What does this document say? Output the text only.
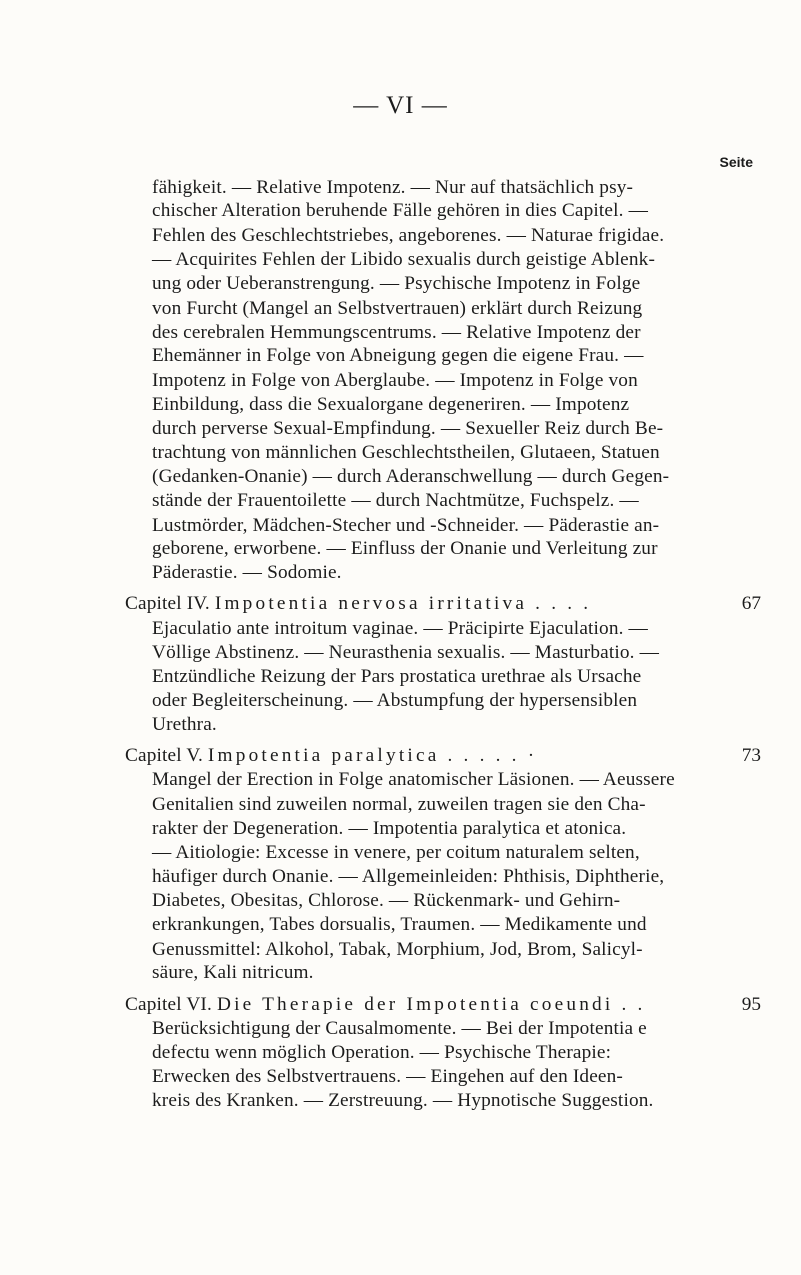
— VI —
Seite
fähigkeit. — Relative Impotenz. — Nur auf thatsächlich psy-
chischer Alteration beruhende Fälle gehören in dies Capitel. —
Fehlen des Geschlechtstriebes, angeborenes. — Naturae frigidae.
— Acquirites Fehlen der Libido sexualis durch geistige Ablenk-
ung oder Ueberanstrengung. — Psychische Impotenz in Folge
von Furcht (Mangel an Selbstvertrauen) erklärt durch Reizung
des cerebralen Hemmungscentrums. — Relative Impotenz der
Ehemänner in Folge von Abneigung gegen die eigene Frau. —
Impotenz in Folge von Aberglaube. — Impotenz in Folge von
Einbildung, dass die Sexualorgane degeneriren. — Impotenz
durch perverse Sexual-Empfindung. — Sexueller Reiz durch Be-
trachtung von männlichen Geschlechtstheilen, Glutaeen, Statuen
(Gedanken-Onanie) — durch Aderanschwellung — durch Gegen-
stände der Frauentoilette — durch Nachtmütze, Fuchspelz. —
Lustmörder, Mädchen-Stecher und -Schneider. — Päderastie an-
geborene, erworbene. — Einfluss der Onanie und Verleitung zur
Päderastie. — Sodomie.
Capitel IV. Impotentia nervosa irritativa . . . .	67
Ejaculatio ante introitum vaginae. — Präcipirte Ejaculation. —
Völlige Abstinenz. — Neurasthenia sexualis. — Masturbatio. —
Entzündliche Reizung der Pars prostatica urethrae als Ursache
oder Begleiterscheinung. — Abstumpfung der hypersensiblen
Urethra.
Capitel V. Impotentia paralytica . . . . . ·	73
Mangel der Erection in Folge anatomischer Läsionen. — Aeussere
Genitalien sind zuweilen normal, zuweilen tragen sie den Cha-
rakter der Degeneration. — Impotentia paralytica et atonica.
— Aitiologie: Excesse in venere, per coitum naturalem selten,
häufiger durch Onanie. — Allgemeinleiden: Phthisis, Diphtherie,
Diabetes, Obesitas, Chlorose. — Rückenmark- und Gehirn-
erkrankungen, Tabes dorsualis, Traumen. — Medikamente und
Genussmittel: Alkohol, Tabak, Morphium, Jod, Brom, Salicyl-
säure, Kali nitricum.
Capitel VI. Die Therapie der Impotentia coeundi . .	95
Berücksichtigung der Causalmomente. — Bei der Impotentia e
defectu wenn möglich Operation. — Psychische Therapie:
Erwecken des Selbstvertrauens. — Eingehen auf den Ideen-
kreis des Kranken. — Zerstreuung. — Hypnotische Suggestion.
